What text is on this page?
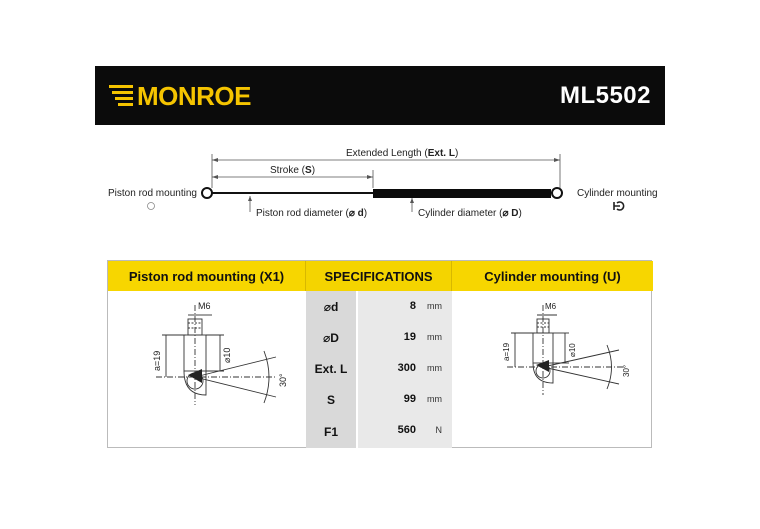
MONROE	ML5502
Extended Length (Ext. L)
Stroke (S)
Piston rod mounting	Cylinder mounting
Piston rod diameter (⌀ d)	Cylinder diameter (⌀ D)
Piston rod mounting (X1)	SPECIFICATIONS	Cylinder mounting (U)
⌀d	8 mm
⌀D	19 mm
Ext. L	300 mm
S	99 mm
F1	560 N
M6
a=19	⌀10
30°
M6
a=19	⌀10
30°
